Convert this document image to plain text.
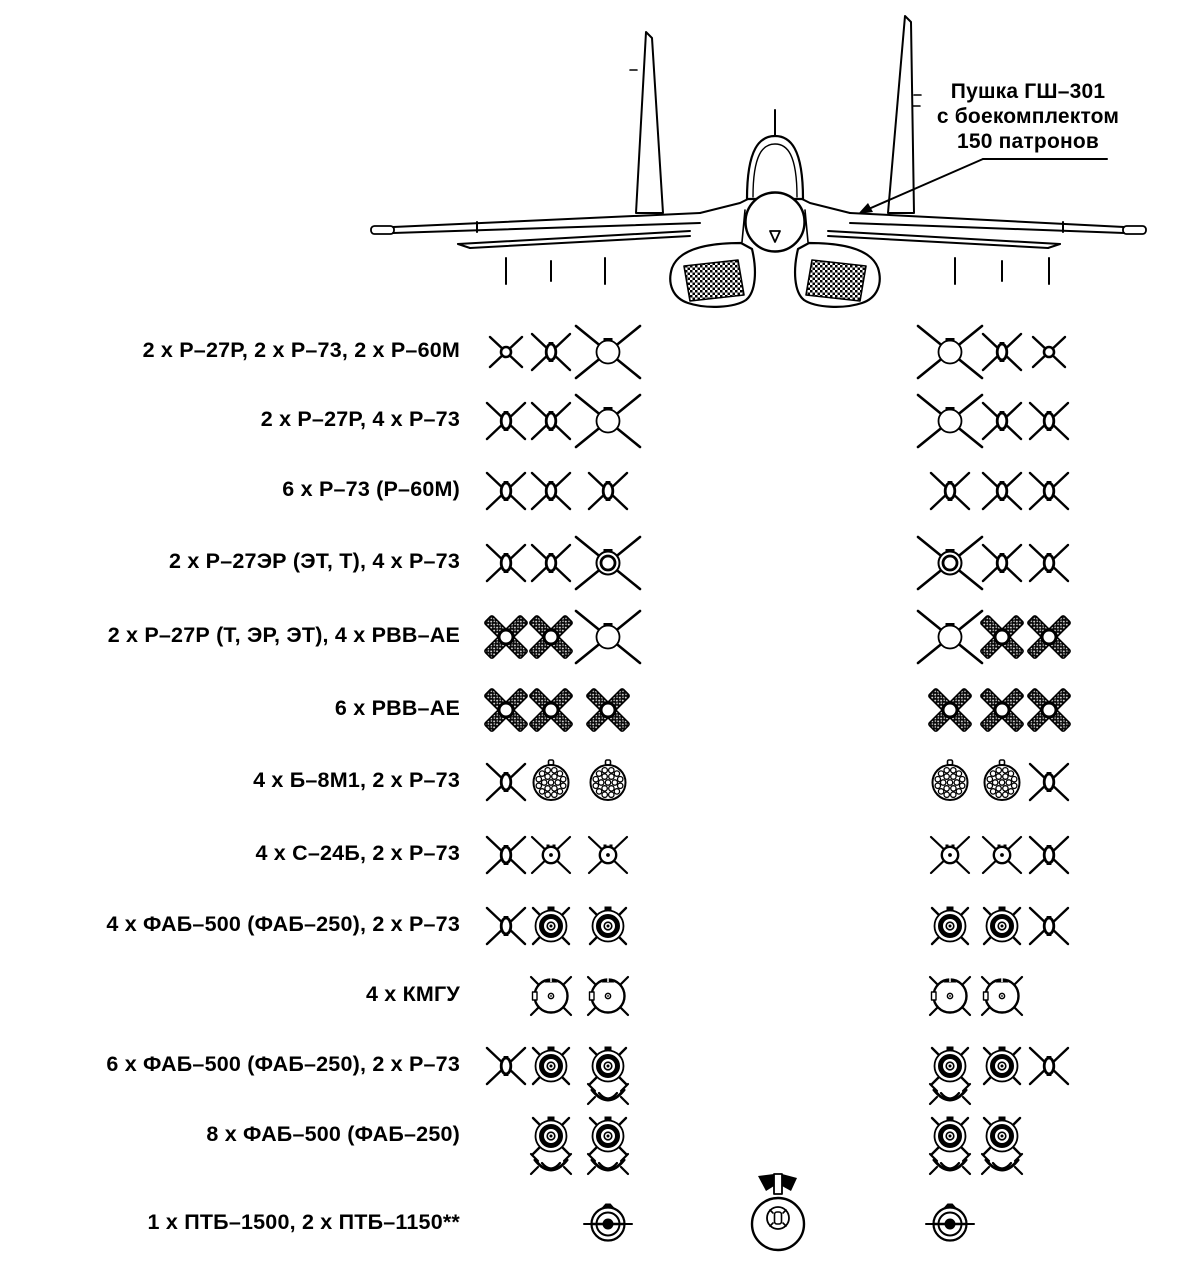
Пушка ГШ–301
с боекомплектом
150 патронов
2 х Р–27Р, 2 х Р–73, 2 х Р–60М
2 х Р–27Р, 4 х Р–73
6 х Р–73 (Р–60М)
2 х Р–27ЭР (ЭТ, Т), 4 х Р–73
2 х Р–27Р (Т, ЭР, ЭТ), 4 х РВВ–АЕ
6 х РВВ–АЕ
4 х Б–8М1, 2 х Р–73
4 х С–24Б, 2 х Р–73
4 х ФАБ–500 (ФАБ–250), 2 х Р–73
4 х КМГУ
6 х ФАБ–500 (ФАБ–250), 2 х Р–73
8 х ФАБ–500 (ФАБ–250)
1 х ПТБ–1500, 2 х ПТБ–1150**
